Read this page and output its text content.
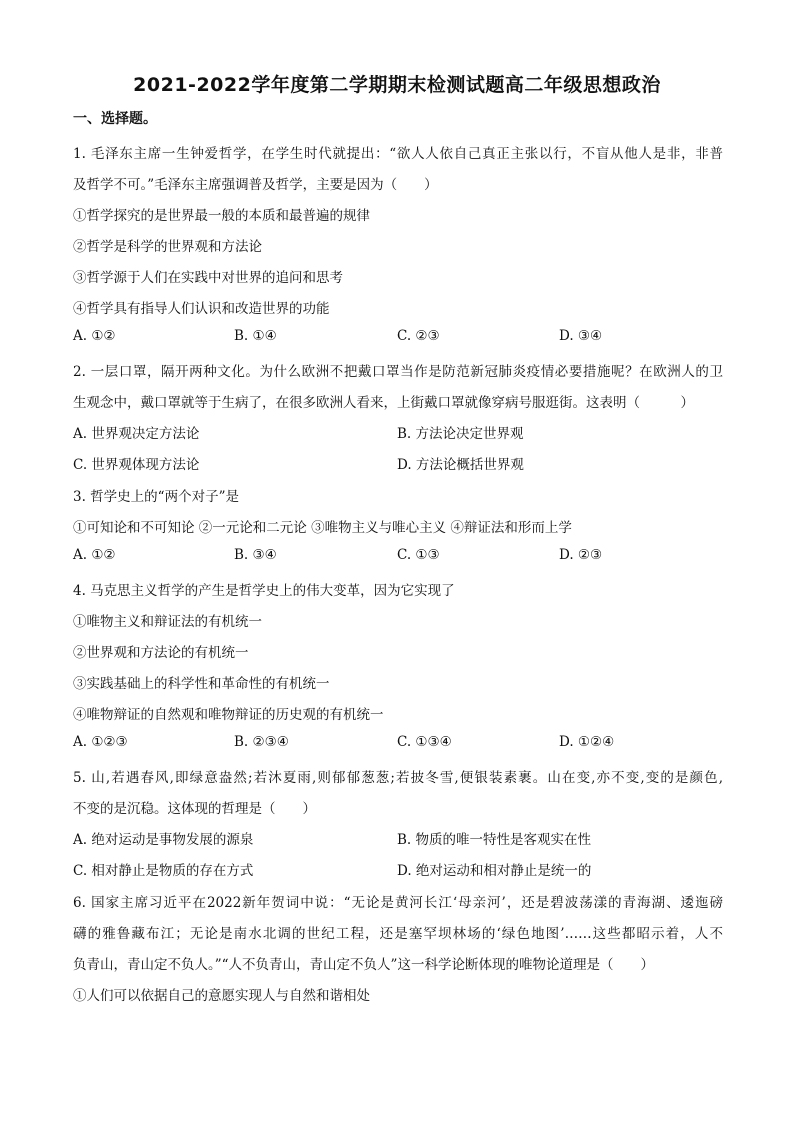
2021-2022学年度第二学期期末检测试题高二年级思想政治
一、选择题。
1. 毛泽东主席一生钟爱哲学，在学生时代就提出：“欲人人依自己真正主张以行，不盲从他人是非，非普
及哲学不可。”毛泽东主席强调普及哲学，主要是因为（　　）
①哲学探究的是世界最一般的本质和最普遍的规律
②哲学是科学的世界观和方法论
③哲学源于人们在实践中对世界的追问和思考
④哲学具有指导人们认识和改造世界的功能
A. ①②	B. ①④	C. ②③	D. ③④
2. 一层口罩，隔开两种文化。为什么欧洲不把戴口罩当作是防范新冠肺炎疫情必要措施呢？在欧洲人的卫
生观念中，戴口罩就等于生病了，在很多欧洲人看来，上街戴口罩就像穿病号服逛街。这表明（　　　）
A. 世界观决定方法论	B. 方法论决定世界观
C. 世界观体现方法论	D. 方法论概括世界观
3. 哲学史上的“两个对子”是
①可知论和不可知论 ②一元论和二元论 ③唯物主义与唯心主义 ④辩证法和形而上学
A. ①②	B. ③④	C. ①③	D. ②③
4. 马克思主义哲学的产生是哲学史上的伟大变革，因为它实现了
①唯物主义和辩证法的有机统一
②世界观和方法论的有机统一
③实践基础上的科学性和革命性的有机统一
④唯物辩证的自然观和唯物辩证的历史观的有机统一
A. ①②③	B. ②③④	C. ①③④	D. ①②④
5. 山,若遇春风,即绿意盎然;若沐夏雨,则郁郁葱葱;若披冬雪,便银装素裹。山在变,亦不变,变的是颜色,
不变的是沉稳。这体现的哲理是（　　）
A. 绝对运动是事物发展的源泉	B. 物质的唯一特性是客观实在性
C. 相对静止是物质的存在方式	D. 绝对运动和相对静止是统一的
6. 国家主席习近平在2022新年贺词中说：“无论是黄河长江‘母亲河’，还是碧波荡漾的青海湖、逶迤磅
礴的雅鲁藏布江；无论是南水北调的世纪工程，还是塞罕坝林场的‘绿色地图’……这些都昭示着，人不
负青山，青山定不负人。”“人不负青山，青山定不负人”这一科学论断体现的唯物论道理是（　　）
①人们可以依据自己的意愿实现人与自然和谐相处
